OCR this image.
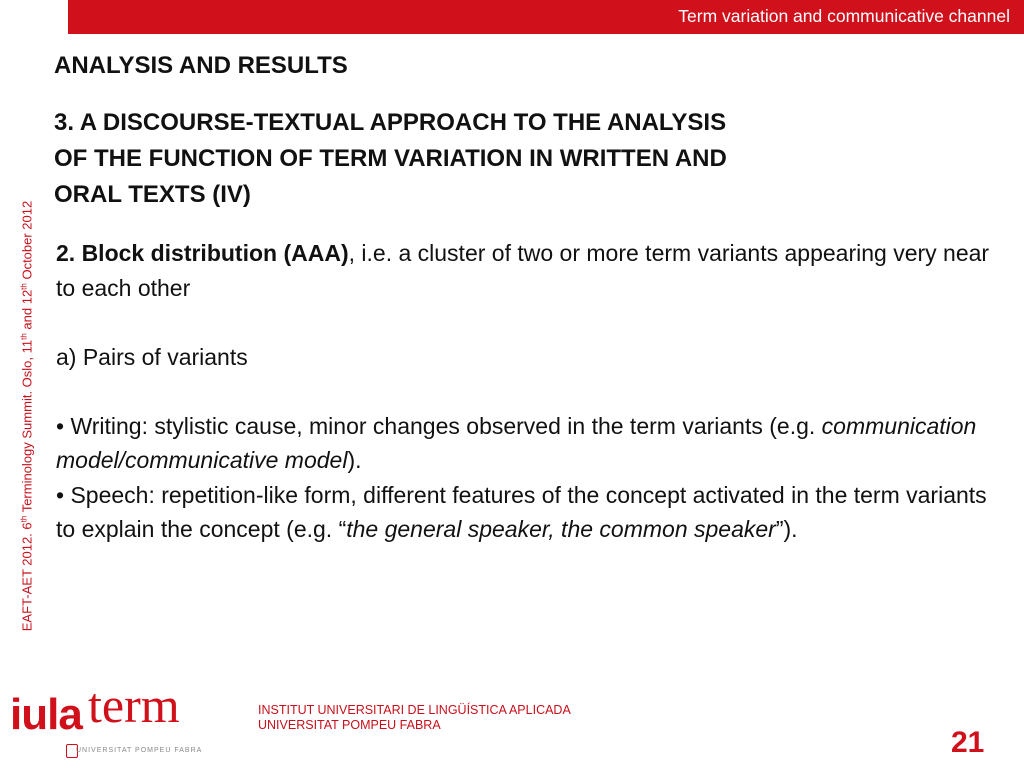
Term variation and communicative channel
EAFT-AET 2012. 6th Terminology Summit. Oslo, 11th and 12th October 2012
ANALYSIS AND RESULTS
3. A DISCOURSE-TEXTUAL APPROACH TO THE ANALYSIS
OF THE FUNCTION OF TERM VARIATION IN WRITTEN AND
ORAL TEXTS (IV)

2. Block distribution (AAA), i.e. a cluster of two or more term variants appearing very near to each other

a) Pairs of variants

• Writing: stylistic cause, minor changes observed in the term variants (e.g. communication model/communicative model).

• Speech: repetition-like form, different features of the concept activated in the term variants to explain the concept (e.g. “the general speaker, the common speaker”).

iula term
UNIVERSITAT POMPEU FABRA
INSTITUT UNIVERSITARI DE LINGÜÍSTICA APLICADA
UNIVERSITAT POMPEU FABRA
21
